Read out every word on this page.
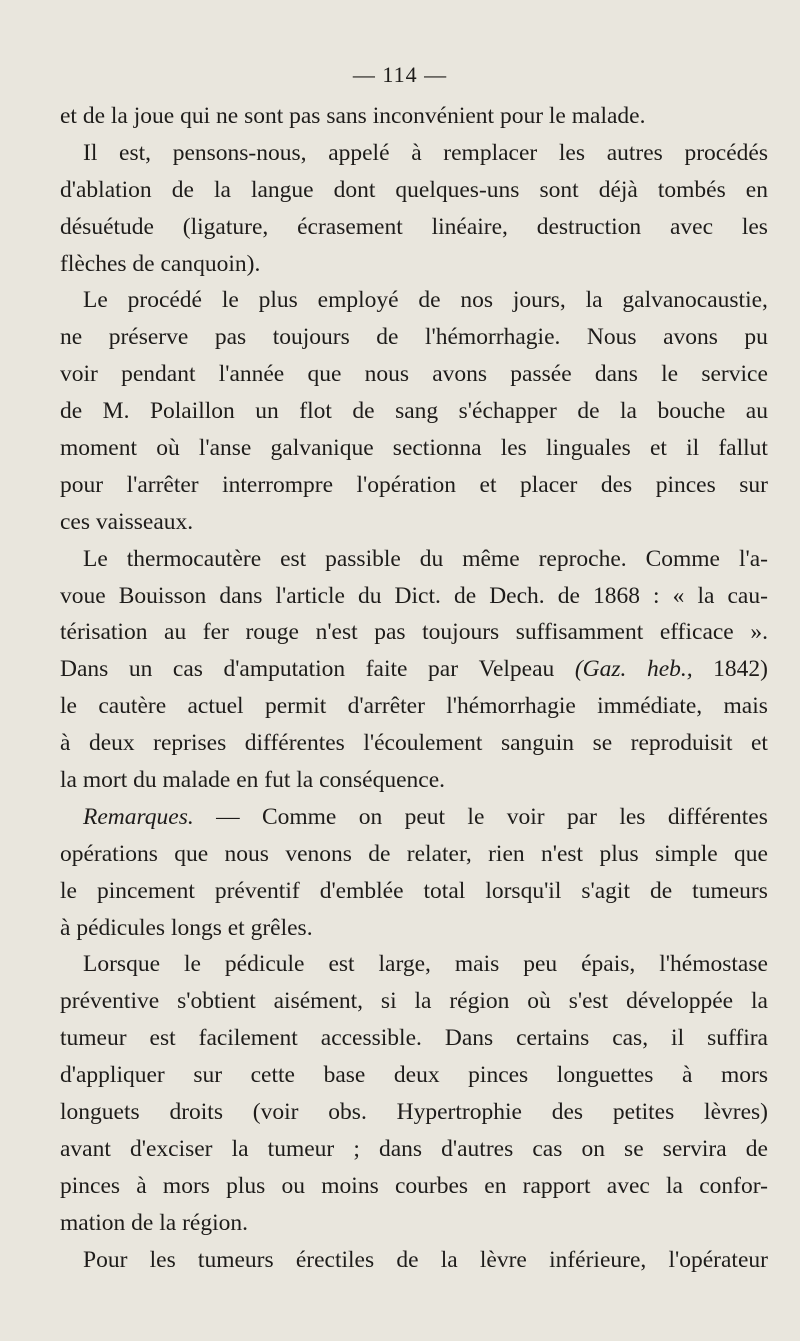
— 114 —
et
de
la
joue
qui
ne
sont
pas
sans
inconvénient
pour
le
malade.
Il est, pensons-nous, appelé à remplacer les autres procédés
d'ablation de la langue dont quelques-uns sont déjà tombés en
désuétude (ligature, écrasement linéaire, destruction avec les
flèches
de
canquoin).
Le procédé le plus employé de nos jours, la galvanocaustie,
ne préserve pas toujours de l'hémorrhagie. Nous avons pu
voir pendant l'année que nous avons passée dans le service
de M. Polaillon un flot de sang s'échapper de la bouche au
moment où l'anse galvanique sectionna les linguales et il fallut
pour l'arrêter interrompre l'opération et placer des pinces sur
ces
vaisseaux.
Le thermocautère est passible du même reproche. Comme l'a-
voue Bouisson dans l'article du Dict. de Dech. de 1868 : « la cau-
térisation au fer rouge n'est pas toujours suffisamment efficace ».
Dans un cas d'amputation faite par Velpeau (Gaz. heb., 1842)
le cautère actuel permit d'arrêter l'hémorrhagie immédiate, mais
à deux reprises différentes l'écoulement sanguin se reproduisit et
la
mort
du
malade
en
fut
la
conséquence.
Remarques. — Comme on peut le voir par les différentes
opérations que nous venons de relater, rien n'est plus simple que
le pincement préventif d'emblée total lorsqu'il s'agit de tumeurs
à
pédicules
longs
et
grêles.
Lorsque le pédicule est large, mais peu épais, l'hémostase
préventive s'obtient aisément, si la région où s'est développée la
tumeur est facilement accessible. Dans certains cas, il suffira
d'appliquer sur cette base deux pinces longuettes à mors
longuets droits (voir obs. Hypertrophie des petites lèvres)
avant d'exciser la tumeur ; dans d'autres cas on se servira de
pinces à mors plus ou moins courbes en rapport avec la confor-
mation
de
la
région.
Pour les tumeurs érectiles de la lèvre inférieure, l'opérateur
